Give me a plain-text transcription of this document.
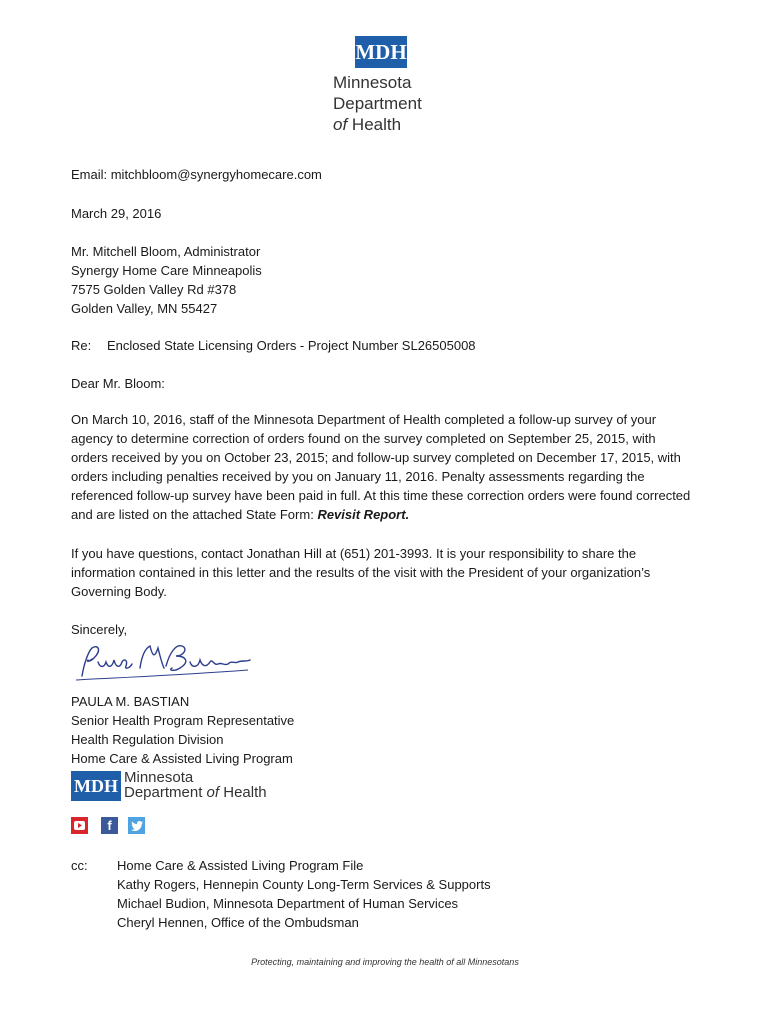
MDH
Minnesota
Department
of Health
Email: mitchbloom@synergyhomecare.com
March 29, 2016
Mr. Mitchell Bloom, Administrator
Synergy Home Care Minneapolis
7575 Golden Valley Rd #378
Golden Valley, MN 55427
Re: Enclosed State Licensing Orders - Project Number SL26505008
Dear Mr. Bloom:
On March 10, 2016, staff of the Minnesota Department of Health completed a follow-up survey of your agency to determine correction of orders found on the survey completed on September 25, 2015, with orders received by you on October 23, 2015; and follow-up survey completed on December 17, 2015, with orders including penalties received by you on January 11, 2016. Penalty assessments regarding the referenced follow-up survey have been paid in full. At this time these correction orders were found corrected and are listed on the attached State Form: Revisit Report.
If you have questions, contact Jonathan Hill at (651) 201-3993. It is your responsibility to share the information contained in this letter and the results of the visit with the President of your organization’s Governing Body.
Sincerely,
PAULA M. BASTIAN
Senior Health Program Representative
Health Regulation Division
Home Care & Assisted Living Program
MDH Minnesota
Department of Health
f
cc: Home Care & Assisted Living Program File
Kathy Rogers, Hennepin County Long-Term Services & Supports
Michael Budion, Minnesota Department of Human Services
Cheryl Hennen, Office of the Ombudsman
Protecting, maintaining and improving the health of all Minnesotans
